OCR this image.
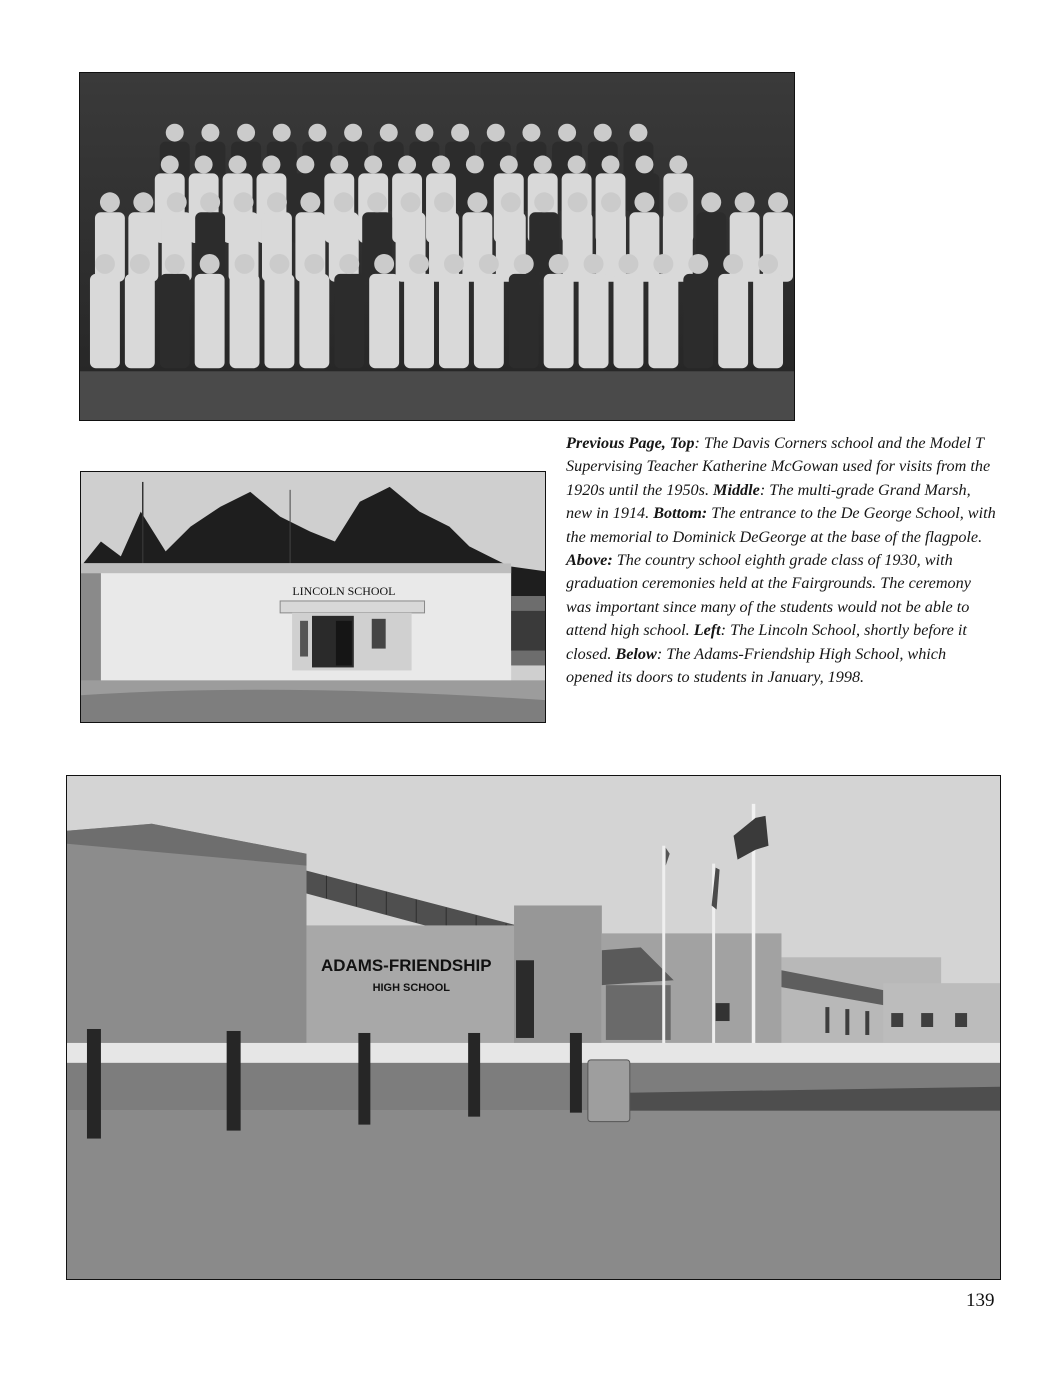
LINCOLN SCHOOL

Previous Page, Top: The Davis Corners school and the Model T Supervising Teacher Katherine McGowan used for visits from the 1920s until the 1950s. Middle: The multi-grade Grand Marsh, new in 1914. Bottom: The entrance to the De George School, with the memorial to Dominick DeGeorge at the base of the flagpole.

Above: The country school eighth grade class of 1930, with graduation ceremonies held at the Fairgrounds. The ceremony was important since many of the students would not be able to attend high school. Left: The Lincoln School, shortly before it closed. Below: The Adams-Friendship High School, which opened its doors to students in January, 1998.

ADAMS-FRIENDSHIP
HIGH SCHOOL
139
